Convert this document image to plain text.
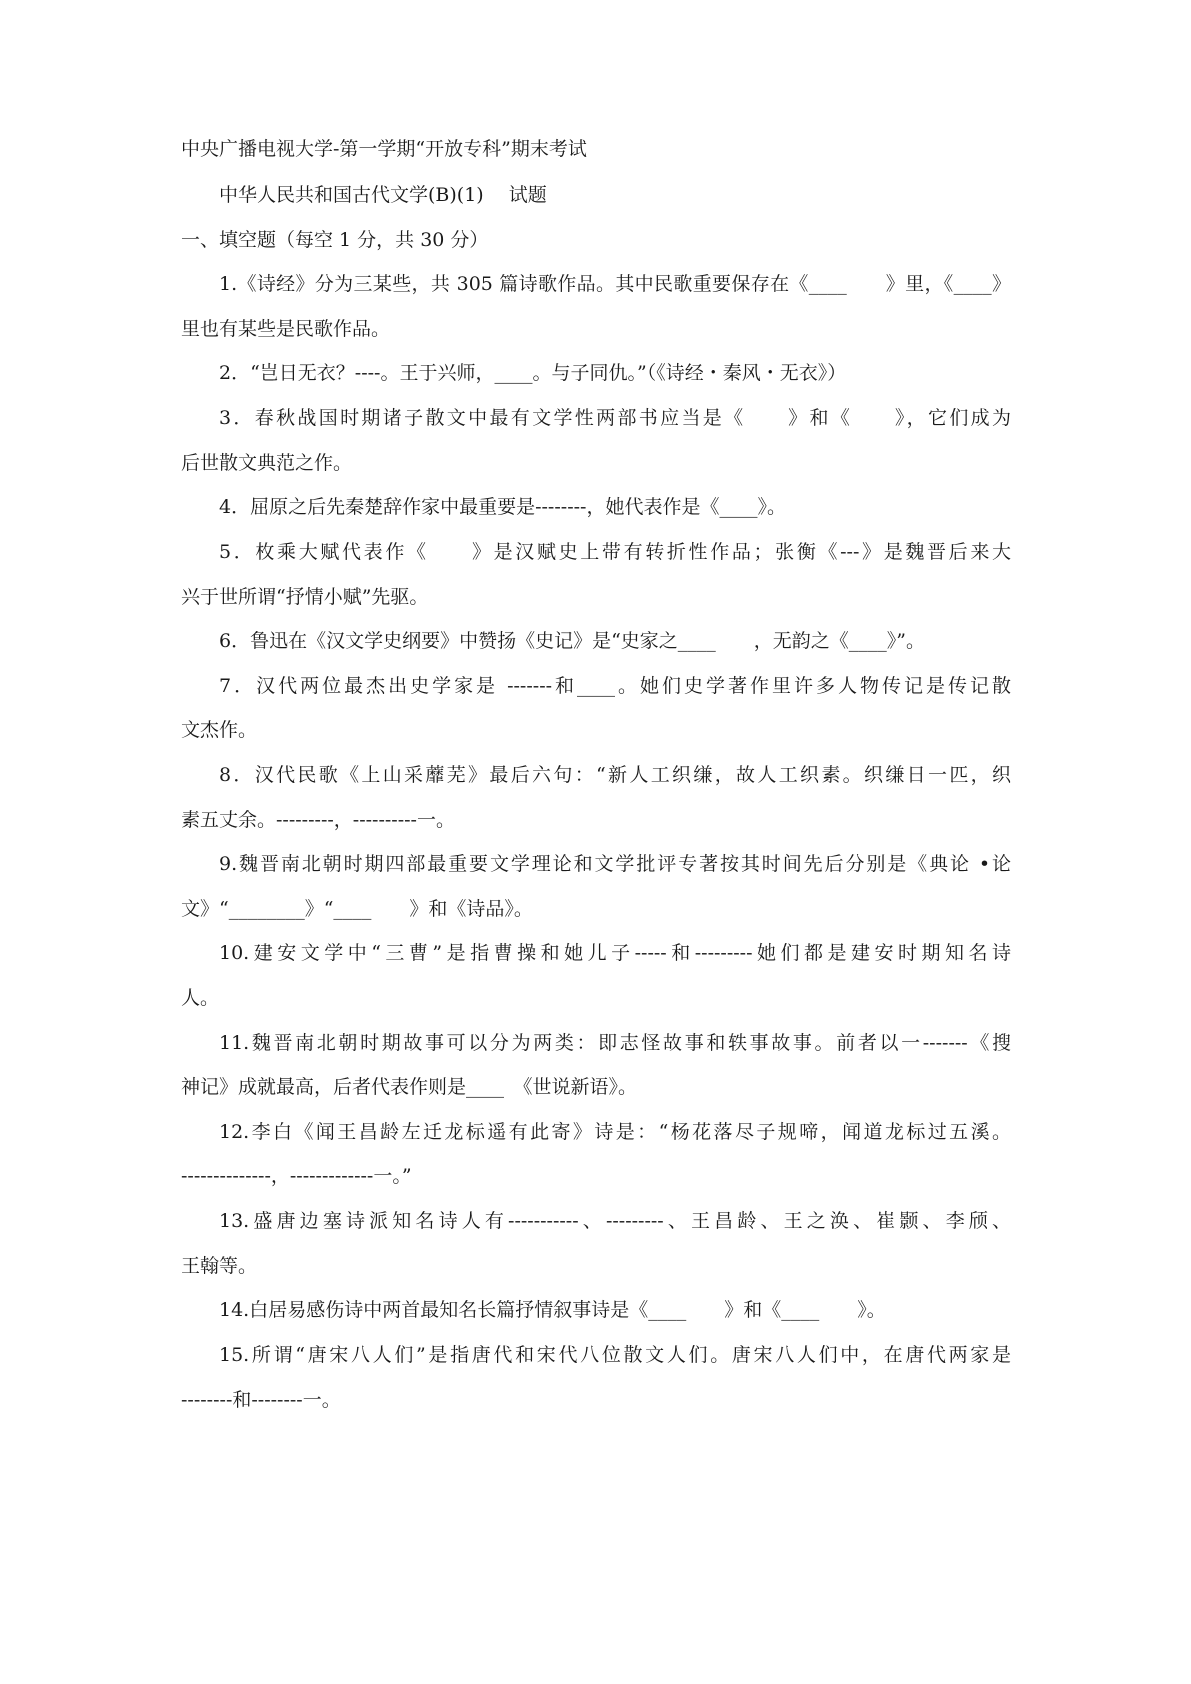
中央广播电视大学-第一学期“开放专科”期末考试
中华人民共和国古代文学(B)(1)　 试题
一、填空题（每空 1 分，共 30 分）
1.《诗经》分为三某些，共 305 篇诗歌作品。其中民歌重要保存在《____　　》里，《____》
里也有某些是民歌作品。
2．“岂日无衣？----。王于兴师，____。与子同仇。”（《诗经・秦风・无衣》）
3．春秋战国时期诸子散文中最有文学性两部书应当是《　　》和《　　》，它们成为
后世散文典范之作。
4．屈原之后先秦楚辞作家中最重要是--------，她代表作是《____》。
5．枚乘大赋代表作《　　》是汉赋史上带有转折性作品；张衡《---》是魏晋后来大
兴于世所谓“抒情小赋”先驱。
6．鲁迅在《汉文学史纲要》中赞扬《史记》是“史家之____　　，无韵之《____》”。
7．汉代两位最杰出史学家是 -------和____。她们史学著作里许多人物传记是传记散
文杰作。
8．汉代民歌《上山采蘼芜》最后六句：“新人工织缣，故人工织素。织缣日一匹，织
素五丈余。---------，----------一。
9.魏晋南北朝时期四部最重要文学理论和文学批评专著按其时间先后分别是《典论 •论
文》“________》“____　　》和《诗品》。
10.建安文学中“三曹”是指曹操和她儿子-----和---------她们都是建安时期知名诗
人。
11.魏晋南北朝时期故事可以分为两类：即志怪故事和轶事故事。前者以一-------《搜
神记》成就最高，后者代表作则是____　《世说新语》。
12.李白《闻王昌龄左迁龙标遥有此寄》诗是：“杨花落尽子规啼，闻道龙标过五溪。
--------------，-------------一。”
13.盛唐边塞诗派知名诗人有-----------、---------、王昌龄、王之涣、崔颢、李颀、
王翰等。
14.白居易感伤诗中两首最知名长篇抒情叙事诗是《____　　》和《____　　》。
15.所谓“唐宋八人们”是指唐代和宋代八位散文人们。唐宋八人们中，在唐代两家是
--------和--------一。
